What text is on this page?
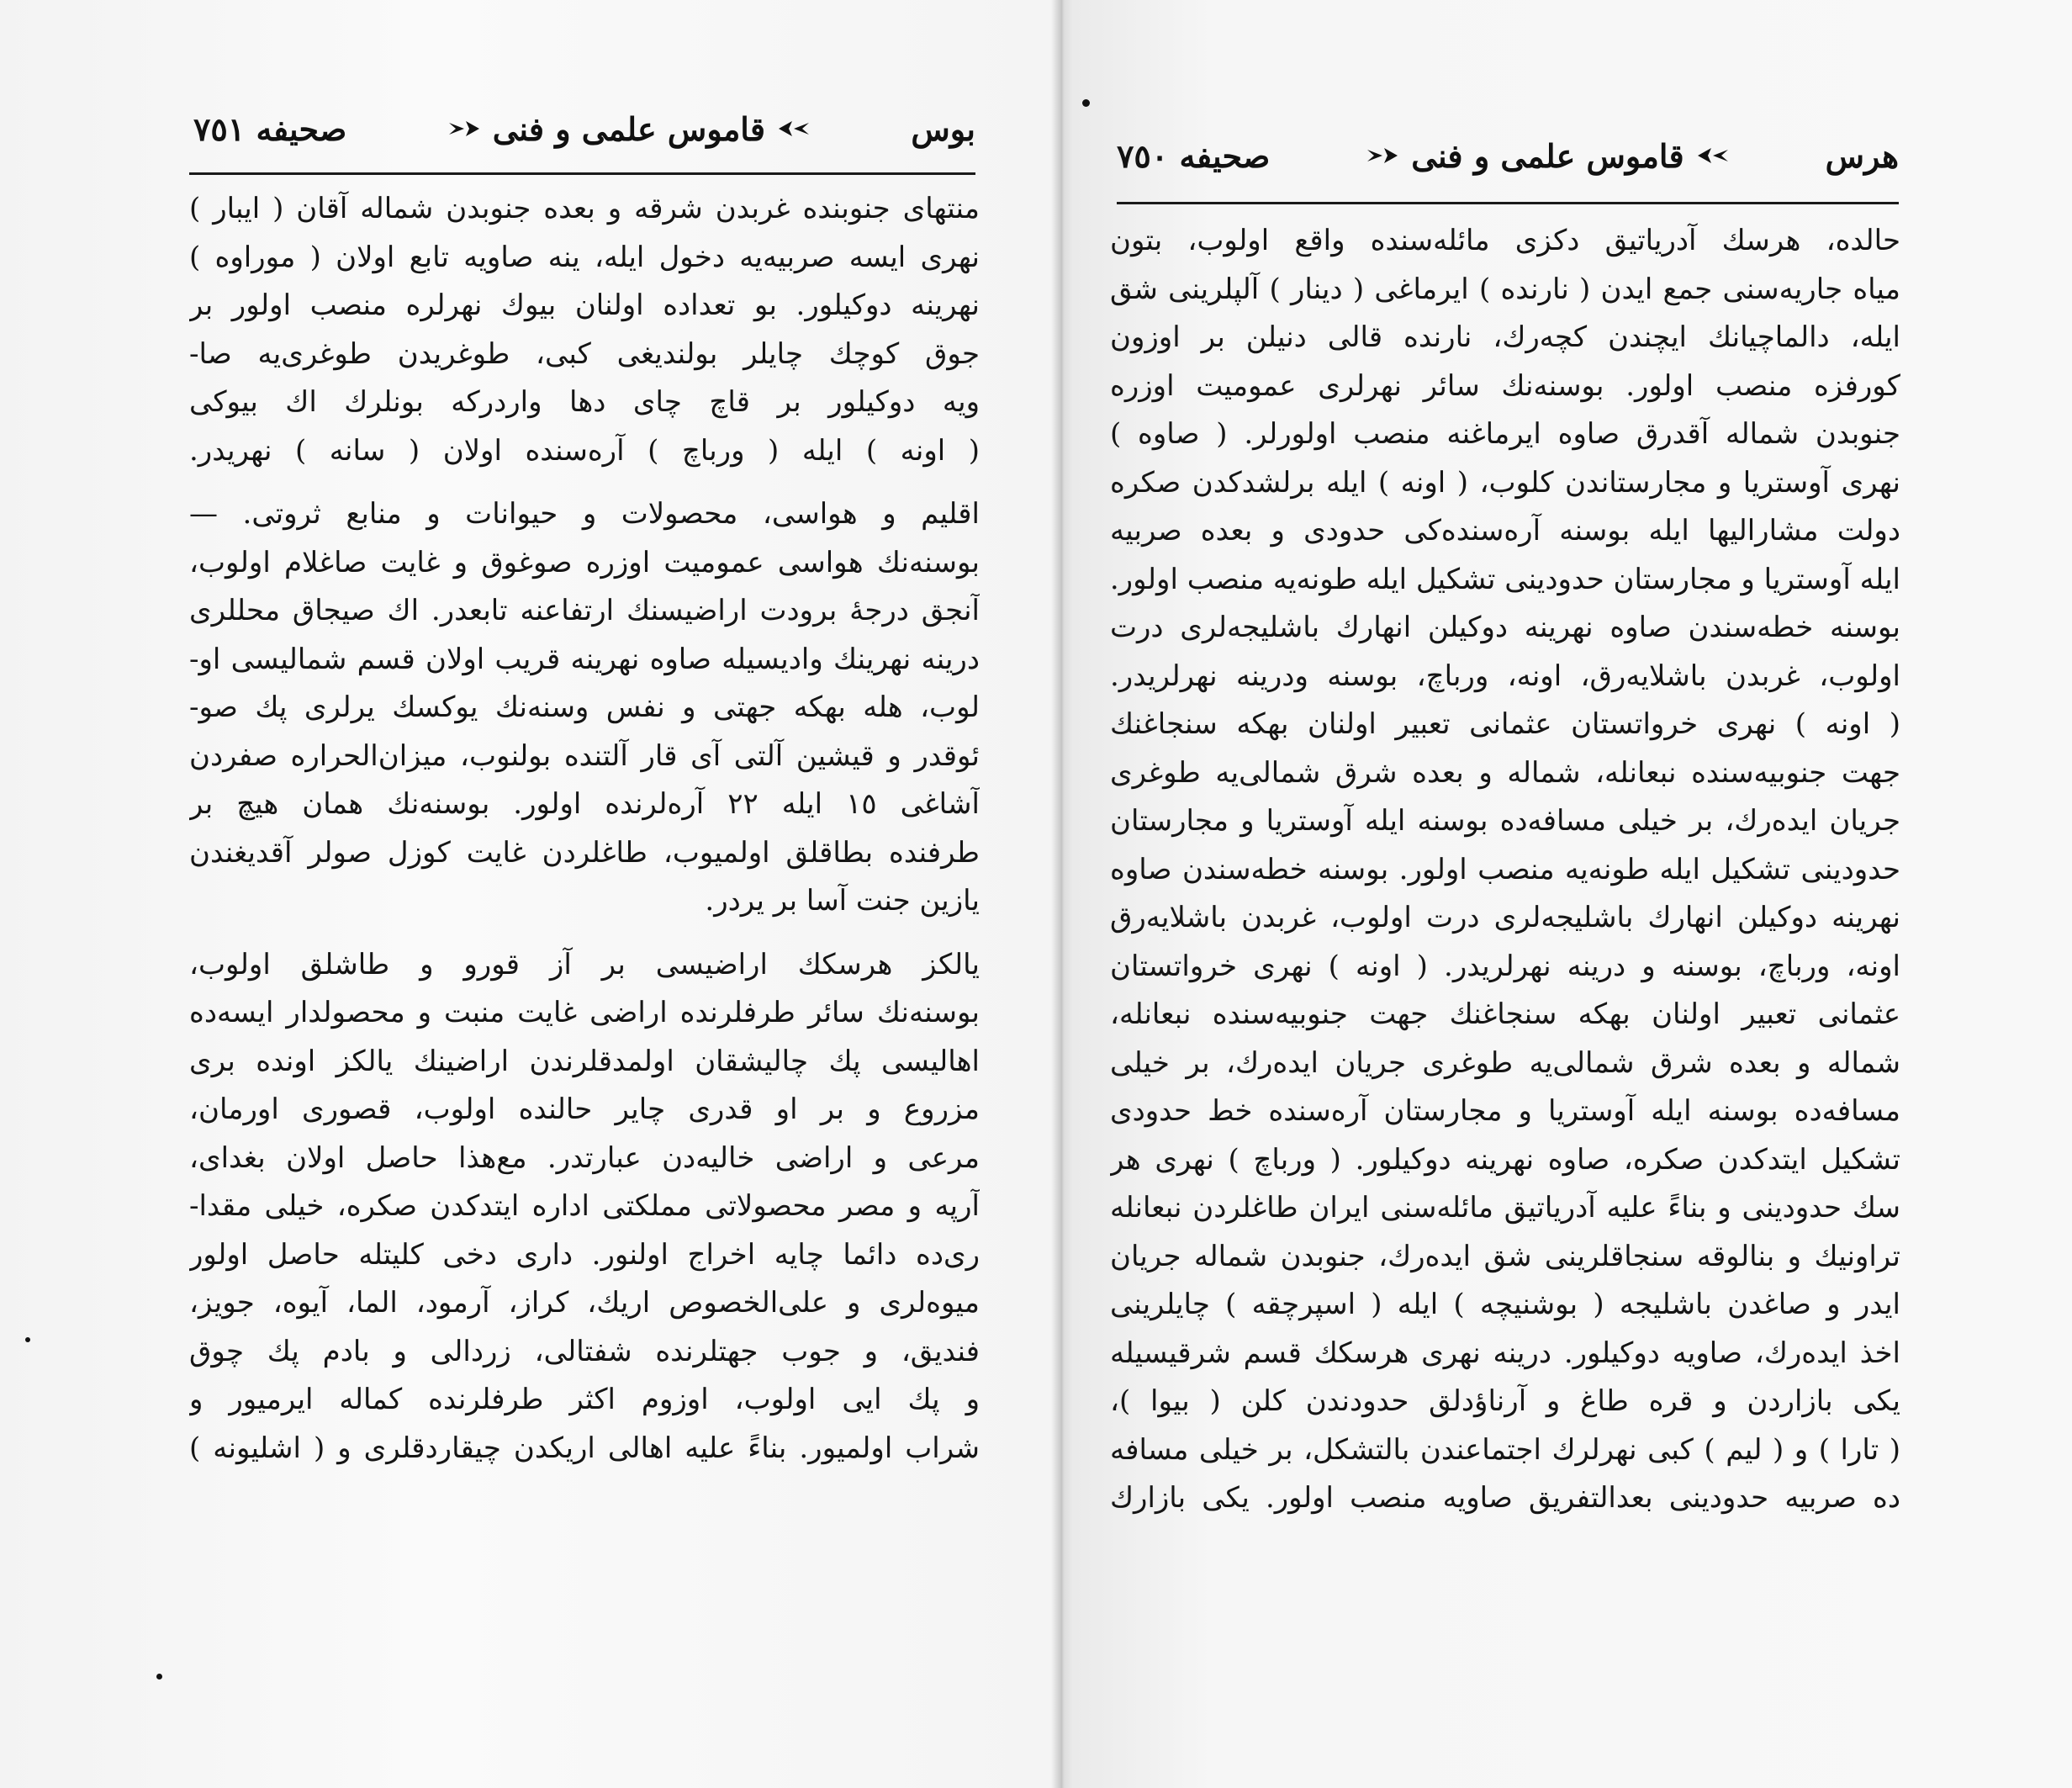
صحیفه ٧٥١	قاموس علمی و فنی	بوس
منتهای جنوبنده غربدن شرقه و بعده جنوبدن شماله آقان ( ایبار )
نهری ایسه صربیه‌یه دخول ایله، ینه صاویه تابع اولان ( موراوه )
نهرینه دوکیلور. بو تعداده اولنان بیوك نهرلره منصب اولور بر
جوق کوچك چایلر بولندیغی کبی، طوغریدن طوغری‌یه صا-
ویه دوکیلور بر قاچ چای دها واردرکه بونلرك اك بیوکی
( اونه ) ایله ( ورباچ ) آره‌سنده اولان ( سانه ) نهریدر.
اقلیم و هواسی، محصولات و حیوانات و منابع ثروتی. —
بوسنه‌نك هواسی عمومیت اوزره صوغوق و غایت صاغلام اولوب،
آنجق درجه‌ٔ برودت اراضیسنك ارتفاعنه تابعدر. اك صیجاق محللری
درینه نهرینك وادیسیله صاوه نهرینه قریب اولان قسم شمالیسی او-
لوب، هله بهکه جهتی و نفس وسنه‌نك یوکسك یرلری پك صو-
ئوقدر و قیشین آلتی آی قار آلتنده بولنوب، میزان‌الحراره صفردن
آشاغی ١٥ ایله ٢٢ آره‌لرنده اولور. بوسنه‌نك همان هیچ بر
طرفنده بطاقلق اولمیوب، طاغلردن غایت کوزل صولر آقدیغندن
یازین جنت آسا بر یردر.
یالکز هرسکك اراضیسی بر آز قورو و طاشلق اولوب،
بوسنه‌نك سائر طرفلرنده اراضی غایت منبت و محصولدار ایسه‌ده
اهالیسی پك چالیشقان اولمدقلرندن اراضینك یالکز اونده بری
مزروع و بر او قدری چایر حالنده اولوب، قصوری اورمان،
مرعی و اراضی خالیه‌دن عبارتدر. مع‌هذا حاصل اولان بغدای،
آرپه و مصر محصولاتی مملکتی اداره ایتدکدن صکره، خیلی مقدا-
ری‌ده دائما چایه اخراج اولنور. داری دخی کلیتله حاصل اولور
میوه‌لری و علی‌الخصوص اریك، کراز، آرمود، الما، آیوه، جویز،
فندیق، و جوب جهتلرنده شفتالی، زردالی و بادم پك چوق
و پك ایی اولوب، اوزوم اکثر طرفلرنده کماله ایرمیور و
شراب اولمیور. بناءً علیه اهالی اریکدن چیقاردقلری و ( اشلیونه )
صحیفه ٧٥٠	قاموس علمی و فنی	هرس
حالده، هرسك آدریاتیق دکزی مائله‌سنده واقع اولوب، بتون
میاه جاریه‌سنی جمع ایدن ( نارنده ) ایرماغی ( دینار ) آلپلرینی شق
ایله، دالماچیانك ایچندن کچه‌رك، نارنده قالی دنیلن بر اوزون
کورفزه منصب اولور. بوسنه‌نك سائر نهرلری عمومیت اوزره
جنوبدن شماله آقدرق صاوه ایرماغنه منصب اولورلر. ( صاوه )
نهری آوستریا و مجارستاندن کلوب، ( اونه ) ایله برلشدکدن صکره
دولت مشارالیها ایله بوسنه آره‌سنده‌کی حدودی و بعده صربیه
ایله آوستریا و مجارستان حدودینی تشکیل ایله طونه‌یه منصب اولور.
بوسنه خطه‌سندن صاوه نهرینه دوکیلن انهارك باشلیجه‌لری درت
اولوب، غربدن باشلایه‌رق، اونه، ورباچ، بوسنه ودرینه نهرلریدر.
( اونه ) نهری خرواتستان عثمانی تعبیر اولنان بهکه سنجاغنك
جهت جنوبیه‌سنده نبعانله، شماله و بعده شرق شمالی‌یه طوغری
جریان ایده‌رك، بر خیلی مسافه‌ده بوسنه ایله آوستریا و مجارستان
حدودینی تشکیل ایله طونه‌یه منصب اولور. بوسنه خطه‌سندن صاوه
نهرینه دوکیلن انهارك باشلیجه‌لری درت اولوب، غربدن باشلایه‌رق
اونه، ورباچ، بوسنه و درینه نهرلریدر. ( اونه ) نهری خرواتستان
عثمانی تعبیر اولنان بهکه سنجاغنك جهت جنوبیه‌سنده نبعانله،
شماله و بعده شرق شمالی‌یه طوغری جریان ایده‌رك، بر خیلی
مسافه‌ده بوسنه ایله آوستریا و مجارستان آره‌سنده خط حدودی
تشکیل ایتدکدن صکره، صاوه نهرینه دوکیلور. ( ورباچ ) نهری هر
سك حدودینی و بناءً علیه آدریاتیق مائله‌سنی ایران طاغلردن نبعانله
تراونیك و بنالوقه سنجاقلرینی شق ایده‌رك، جنوبدن شماله جریان
ایدر و صاغدن باشلیجه ( بوشنیچه ) ایله ( اسپرچقه ) چایلرینی
اخذ ایده‌رك، صاویه دوکیلور. درینه نهری هرسکك قسم شرقیسیله
یکی بازاردن و قره طاغ و آرناؤدلق حدودندن کلن ( بیوا )،
( تارا ) و ( لیم ) کبی نهرلرك اجتماعندن بالتشکل، بر خیلی مسافه
ده صربیه حدودینی بعدالتفریق صاویه منصب اولور. یکی بازارك
